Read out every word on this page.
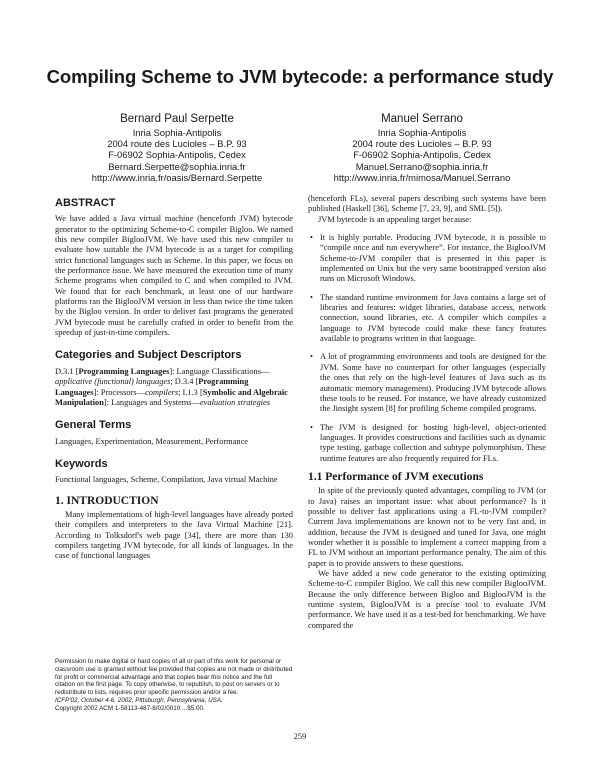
Compiling Scheme to JVM bytecode: a performance study
Bernard Paul Serpette
Inria Sophia-Antipolis
2004 route des Lucioles – B.P. 93
F-06902 Sophia-Antipolis, Cedex
Bernard.Serpette@sophia.inria.fr
http://www.inria.fr/oasis/Bernard.Serpette
Manuel Serrano
Inria Sophia-Antipolis
2004 route des Lucioles – B.P. 93
F-06902 Sophia-Antipolis, Cedex
Manuel.Serrano@sophia.inria.fr
http://www.inria.fr/mimosa/Manuel.Serrano
ABSTRACT

We have added a Java virtual machine (henceforth JVM) bytecode generator to the optimizing Scheme-to-C compiler Bigloo. We named this new compiler BiglooJVM. We have used this new compiler to evaluate how suitable the JVM bytecode is as a target for compiling strict functional languages such as Scheme. In this paper, we focus on the performance issue. We have measured the execution time of many Scheme programs when compiled to C and when compiled to JVM. We found that for each benchmark, at least one of our hardware platforms ran the BiglooJVM version in less than twice the time taken by the Bigloo version. In order to deliver fast programs the generated JVM bytecode must be carefully crafted in order to benefit from the speedup of just-in-time compilers.

Categories and Subject Descriptors

D.3.1 [Programming Languages]: Language Classifications—applicative (functional) languages; D.3.4 [Programming Languages]: Processors—compilers; I.1.3 [Symbolic and Algebraic Manipulation]: Languages and Systems—evaluation strategies

General Terms

Languages, Experimentation, Measurement, Performance

Keywords

Functional languages, Scheme, Compilation, Java virtual Machine

1. INTRODUCTION

Many implementations of high-level languages have already ported their compilers and interpreters to the Java Virtual Machine [21]. According to Tolksdorf's web page [34], there are more than 130 compilers targeting JVM bytecode, for all kinds of languages. In the case of functional languages

Permission to make digital or hard copies of all or part of this work for personal or classroom use is granted without fee provided that copies are not made or distributed for profit or commercial advantage and that copies bear this notice and the full citation on the first page. To copy otherwise, to republish, to post on servers or to redistribute to lists, requires prior specific permission and/or a fee.
ICFP'02, October 4-6, 2002, Pittsburgh, Pennsylvania, USA.
Copyright 2002 ACM 1-58113-487-8/02/0010 ...$5.00.

(henceforth FLs), several papers describing such systems have been published (Haskell [36], Scheme [7, 23, 9], and SML [5]).

JVM bytecode is an appealing target because:

• It is highly portable. Producing JVM bytecode, it is possible to “compile once and run everywhere”. For instance, the BiglooJVM Scheme-to-JVM compiler that is presented in this paper is implemented on Unix but the very same bootstrapped version also runs on Microsoft Windows.

• The standard runtime environment for Java contains a large set of libraries and features: widget libraries, database access, network connection, sound libraries, etc. A compiler which compiles a language to JVM bytecode could make these fancy features available to programs written in that language.

• A lot of programming environments and tools are designed for the JVM. Some have no counterpart for other languages (especially the ones that rely on the high-level features of Java such as its automatic memory management). Producing JVM bytecode allows these tools to be reused. For instance, we have already customized the Jinsight system [8] for profiling Scheme compiled programs.

• The JVM is designed for hosting high-level, object-oriented languages. It provides constructions and facilities such as dynamic type testing, garbage collection and subtype polymorphism. These runtime features are also frequently required for FLs.

1.1 Performance of JVM executions

In spite of the previously quoted advantages, compiling to JVM (or to Java) raises an important issue: what about performance? Is it possible to deliver fast applications using a FL-to-JVM compiler? Current Java implementations are known not to be very fast and, in addition, because the JVM is designed and tuned for Java, one might wonder whether it is possible to implement a correct mapping from a FL to JVM without an important performance penalty. The aim of this paper is to provide answers to these questions.

We have added a new code generator to the existing optimizing Scheme-to-C compiler Bigloo. We call this new compiler BiglooJVM. Because the only difference between Bigloo and BiglooJVM is the runtime system, BiglooJVM is a precise tool to evaluate JVM performance. We have used it as a test-bed for benchmarking. We have compared the

259
